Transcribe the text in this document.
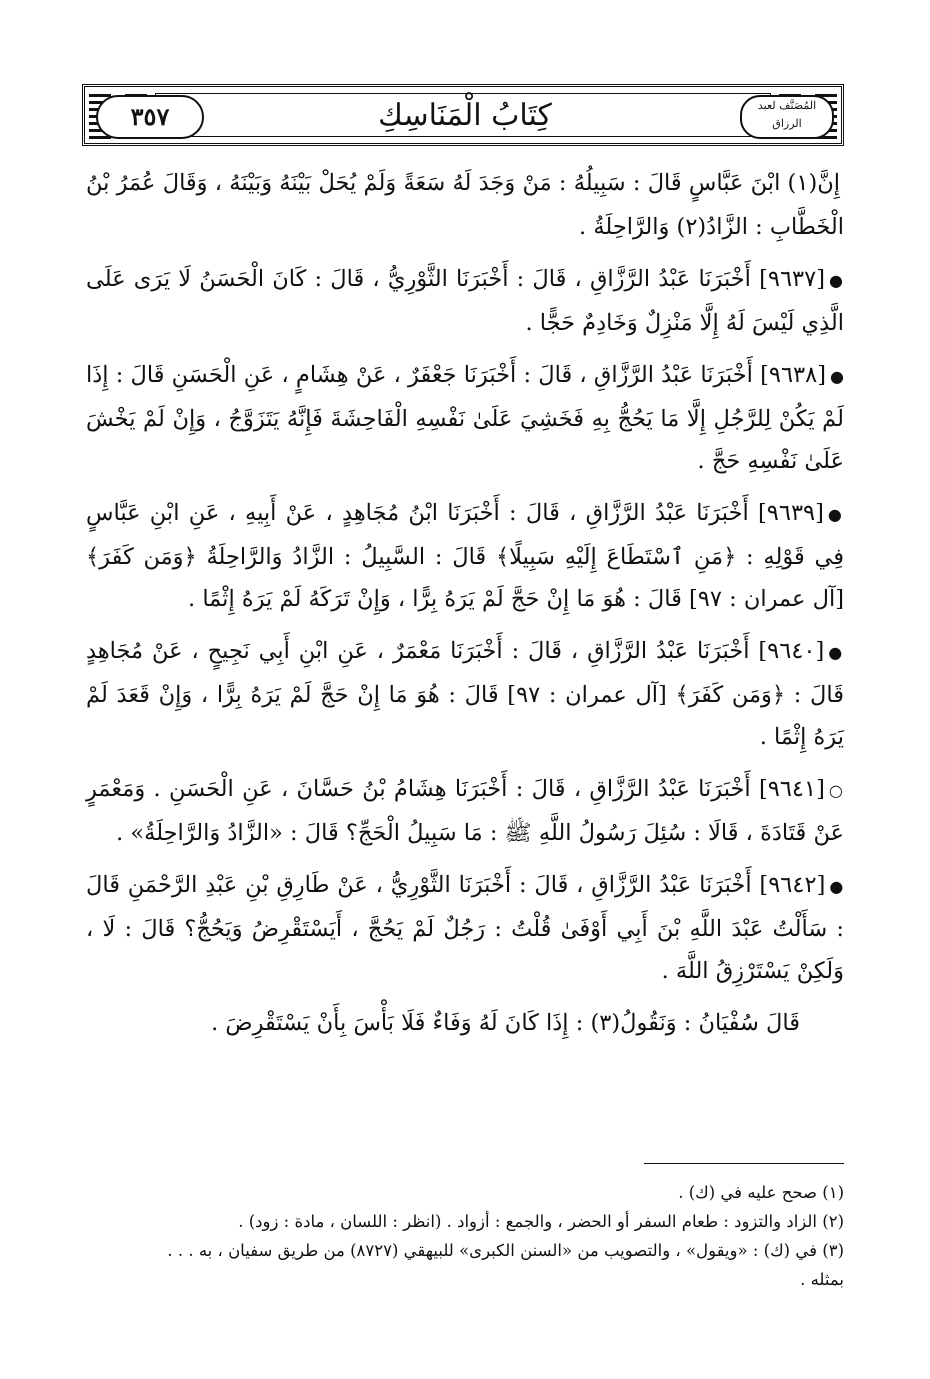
٣٥٧	المُصَنَّف لعبد الرزاق
كِتَابُ الْمَنَاسِكِ

إِنَّ(١) ابْنَ عَبَّاسٍ قَالَ : سَبِيلُهُ : مَنْ وَجَدَ لَهُ سَعَةً وَلَمْ يُحَلْ بَيْنَهُ وَبَيْنَهُ ، وَقَالَ عُمَرُ بْنُ الْخَطَّابِ : الزَّادُ(٢) وَالرَّاحِلَةُ .

●[٩٦٣٧] أَخْبَرَنَا عَبْدُ الرَّزَّاقِ ، قَالَ : أَخْبَرَنَا الثَّوْرِيُّ ، قَالَ : كَانَ الْحَسَنُ لَا يَرَى عَلَى الَّذِي لَيْسَ لَهُ إِلَّا مَنْزِلٌ وَخَادِمٌ حَجًّا .

●[٩٦٣٨] أَخْبَرَنَا عَبْدُ الرَّزَّاقِ ، قَالَ : أَخْبَرَنَا جَعْفَرٌ ، عَنْ هِشَامٍ ، عَنِ الْحَسَنِ قَالَ : إِذَا لَمْ يَكُنْ لِلرَّجُلِ إِلَّا مَا يَحُجُّ بِهِ فَخَشِيَ عَلَىٰ نَفْسِهِ الْفَاحِشَةَ فَإِنَّهُ يَتَزَوَّجُ ، وَإِنْ لَمْ يَخْشَ عَلَىٰ نَفْسِهِ حَجَّ .

●[٩٦٣٩] أَخْبَرَنَا عَبْدُ الرَّزَّاقِ ، قَالَ : أَخْبَرَنَا ابْنُ مُجَاهِدٍ ، عَنْ أَبِيهِ ، عَنِ ابْنِ عَبَّاسٍ فِي قَوْلِهِ : ﴿مَنِ ٱسْتَطَاعَ إِلَيْهِ سَبِيلًا﴾ قَالَ : السَّبِيلُ : الزَّادُ وَالرَّاحِلَةُ ﴿وَمَن كَفَرَ﴾ [آل عمران : ٩٧] قَالَ : هُوَ مَا إِنْ حَجَّ لَمْ يَرَهُ بِرًّا ، وَإِنْ تَرَكَهُ لَمْ يَرَهُ إِثْمًا .

●[٩٦٤٠] أَخْبَرَنَا عَبْدُ الرَّزَّاقِ ، قَالَ : أَخْبَرَنَا مَعْمَرٌ ، عَنِ ابْنِ أَبِي نَجِيحٍ ، عَنْ مُجَاهِدٍ قَالَ : ﴿وَمَن كَفَرَ﴾ [آل عمران : ٩٧] قَالَ : هُوَ مَا إِنْ حَجَّ لَمْ يَرَهُ بِرًّا ، وَإِنْ قَعَدَ لَمْ يَرَهُ إِثْمًا .

○[٩٦٤١] أَخْبَرَنَا عَبْدُ الرَّزَّاقِ ، قَالَ : أَخْبَرَنَا هِشَامُ بْنُ حَسَّانَ ، عَنِ الْحَسَنِ . وَمَعْمَرٍ عَنْ قَتَادَةَ ، قَالَا : سُئِلَ رَسُولُ اللَّهِ ﷺ : مَا سَبِيلُ الْحَجِّ؟ قَالَ : «الزَّادُ وَالرَّاحِلَةُ» .

●[٩٦٤٢] أَخْبَرَنَا عَبْدُ الرَّزَّاقِ ، قَالَ : أَخْبَرَنَا الثَّوْرِيُّ ، عَنْ طَارِقِ بْنِ عَبْدِ الرَّحْمَنِ قَالَ : سَأَلْتُ عَبْدَ اللَّهِ بْنَ أَبِي أَوْفَىٰ قُلْتُ : رَجُلٌ لَمْ يَحُجَّ ، أَيَسْتَقْرِضُ وَيَحُجُّ؟ قَالَ : لَا ، وَلَكِنْ يَسْتَرْزِقُ اللَّهَ .

قَالَ سُفْيَانُ : وَنَقُولُ(٣) : إِذَا كَانَ لَهُ وَفَاءٌ فَلَا بَأْسَ بِأَنْ يَسْتَقْرِضَ .

(١) صحح عليه في (ك) .
(٢) الزاد والتزود : طعام السفر أو الحضر ، والجمع : أزواد . (انظر : اللسان ، مادة : زود) .
(٣) في (ك) : «ويقول» ، والتصويب من «السنن الكبرى» للبيهقي (٨٧٢٧) من طريق سفيان ، به . . .
بمثله .
